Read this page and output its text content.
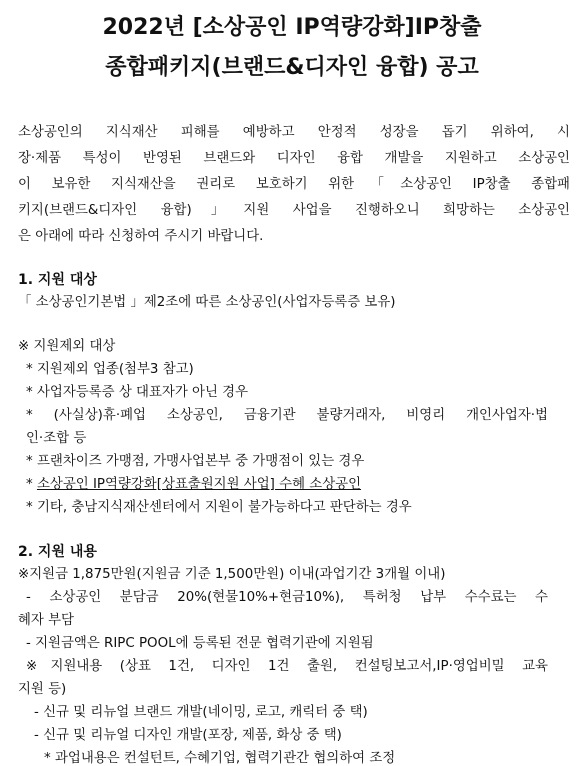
2022년 [소상공인 IP역량강화]IP창출
종합패키지(브랜드&디자인 융합) 공고
소상공인의 지식재산 피해를 예방하고 안정적 성장을 돕기 위하여, 시
장·제품 특성이 반영된 브랜드와 디자인 융합 개발을 지원하고 소상공인
이 보유한 지식재산을 권리로 보호하기 위한「소상공인 IP창출 종합패
키지(브랜드&디자인 융합)」지원 사업을 진행하오니 희망하는 소상공인
은 아래에 따라 신청하여 주시기 바랍니다.
1. 지원 대상
「 소상공인기본법 」제2조에 따른 소상공인(사업자등록증 보유)
※ 지원제외 대상
* 지원제외 업종(첨부3 참고)
* 사업자등록증 상 대표자가 아닌 경우
* (사실상)휴·폐업 소상공인, 금융기관 불량거래자, 비영리 개인사업자·법
인·조합 등
* 프랜차이즈 가맹점, 가맹사업본부 중 가맹점이 있는 경우
* 소상공인 IP역량강화[상표출원지원 사업] 수혜 소상공인
* 기타, 충남지식재산센터에서 지원이 불가능하다고 판단하는 경우
2. 지원 내용
※지원금 1,875만원(지원금 기준 1,500만원) 이내(과업기간 3개월 이내)
- 소상공인 분담금 20%(현물10%+현금10%), 특허청 납부 수수료는 수
혜자 부담
- 지원금액은 RIPC POOL에 등록된 전문 협력기관에 지원됨
※지원내용 (상표 1건, 디자인 1건 출원, 컨설팅보고서,IP·영업비밀 교육
지원 등)
- 신규 및 리뉴얼 브랜드 개발(네이밍, 로고, 캐릭터 중 택)
- 신규 및 리뉴얼 디자인 개발(포장, 제품, 화상 중 택)
* 과업내용은 컨설턴트, 수혜기업, 협력기관간 협의하여 조정
